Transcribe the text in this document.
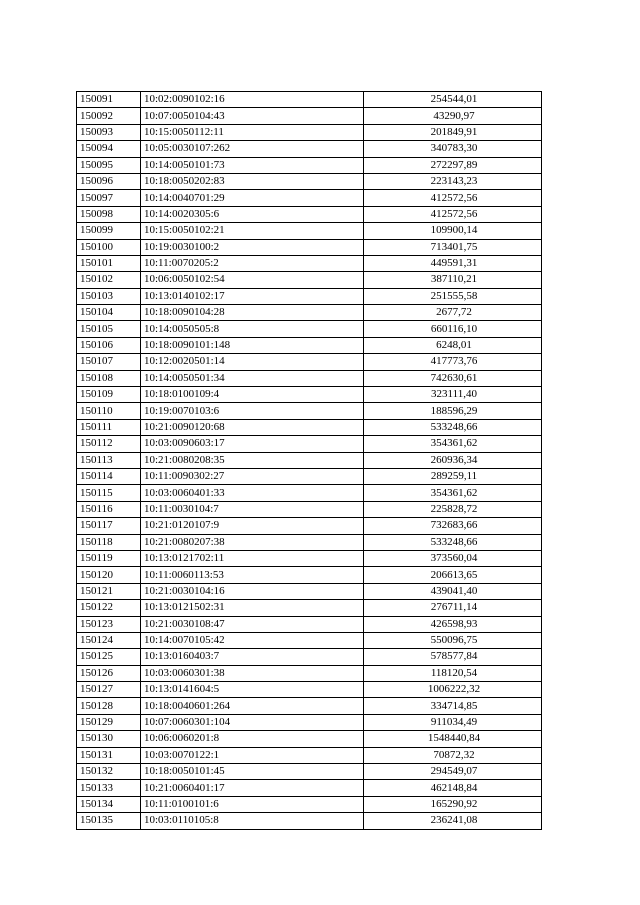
150091	10:02:0090102:16	254544,01
150092	10:07:0050104:43	43290,97
150093	10:15:0050112:11	201849,91
150094	10:05:0030107:262	340783,30
150095	10:14:0050101:73	272297,89
150096	10:18:0050202:83	223143,23
150097	10:14:0040701:29	412572,56
150098	10:14:0020305:6	412572,56
150099	10:15:0050102:21	109900,14
150100	10:19:0030100:2	713401,75
150101	10:11:0070205:2	449591,31
150102	10:06:0050102:54	387110,21
150103	10:13:0140102:17	251555,58
150104	10:18:0090104:28	2677,72
150105	10:14:0050505:8	660116,10
150106	10:18:0090101:148	6248,01
150107	10:12:0020501:14	417773,76
150108	10:14:0050501:34	742630,61
150109	10:18:0100109:4	323111,40
150110	10:19:0070103:6	188596,29
150111	10:21:0090120:68	533248,66
150112	10:03:0090603:17	354361,62
150113	10:21:0080208:35	260936,34
150114	10:11:0090302:27	289259,11
150115	10:03:0060401:33	354361,62
150116	10:11:0030104:7	225828,72
150117	10:21:0120107:9	732683,66
150118	10:21:0080207:38	533248,66
150119	10:13:0121702:11	373560,04
150120	10:11:0060113:53	206613,65
150121	10:21:0030104:16	439041,40
150122	10:13:0121502:31	276711,14
150123	10:21:0030108:47	426598,93
150124	10:14:0070105:42	550096,75
150125	10:13:0160403:7	578577,84
150126	10:03:0060301:38	118120,54
150127	10:13:0141604:5	1006222,32
150128	10:18:0040601:264	334714,85
150129	10:07:0060301:104	911034,49
150130	10:06:0060201:8	1548440,84
150131	10:03:0070122:1	70872,32
150132	10:18:0050101:45	294549,07
150133	10:21:0060401:17	462148,84
150134	10:11:0100101:6	165290,92
150135	10:03:0110105:8	236241,08
